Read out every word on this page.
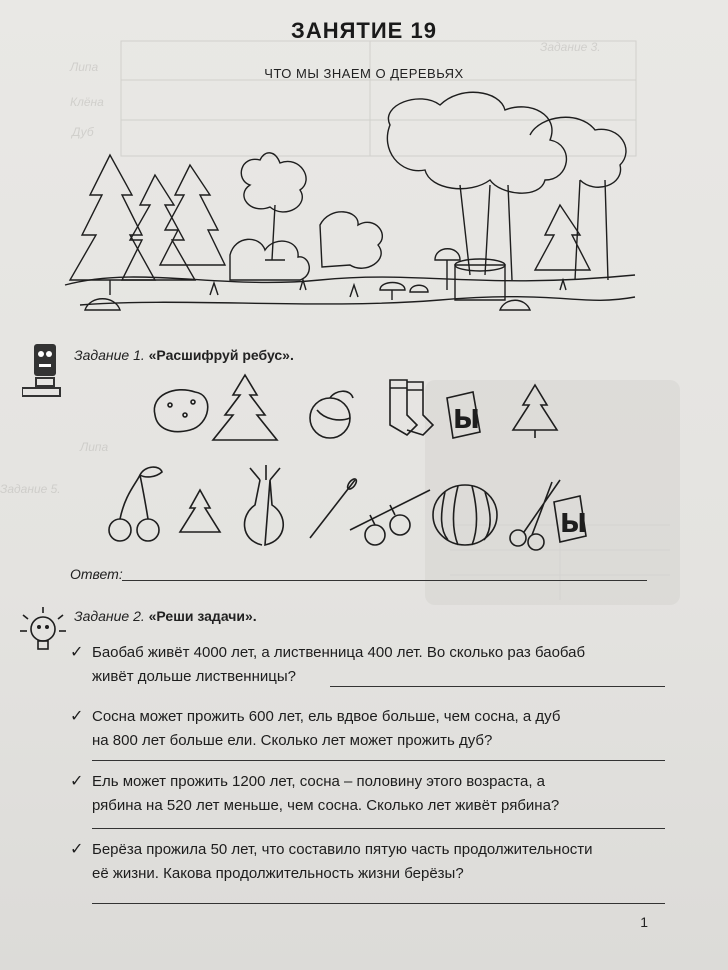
Липа
Клёна
Дуб
Задание 3.
Липа
Задание 5.
ЗАНЯТИЕ 19
ЧТО МЫ ЗНАЕМ О ДЕРЕВЬЯХ
Задание 1. «Расшифруй ребус».
Ы
Ы
Ответ:
Задание 2. «Реши задачи».
✓ Баобаб живёт 4000 лет, а лиственница 400 лет. Во сколько раз баобаб
живёт дольше лиственницы?
✓ Сосна может прожить 600 лет, ель вдвое больше, чем сосна, а дуб
на 800 лет больше ели. Сколько лет может прожить дуб?
✓ Ель может прожить 1200 лет, сосна – половину этого возраста, а
рябина на 520 лет меньше, чем сосна. Сколько лет живёт рябина?
✓ Берёза прожила 50 лет, что составило пятую часть продолжительности
её жизни. Какова продолжительность жизни берёзы?
1
